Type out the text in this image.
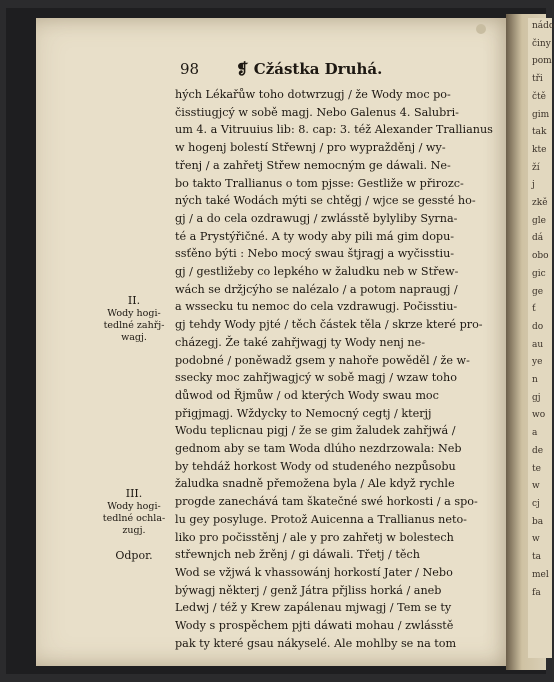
nádo
činy
pom
tři
čtě
gim
tak
kte
ží
j
zkě
gle
dá
obo
gic
ge
ť
do
au
ye
n
gj
wo
a
de
te
w
cj
ba
w
ta
mel
fa
98 ❡ Cžástka Druhá.
hých Lékařůw toho dotwrzugj / že Wody moc po-
čisstiugjcý w sobě magj. Nebo Galenus 4. Salubri-
um 4. a Vitruuius lib: 8. cap: 3. též Alexander Trallianus
w hogenj bolestí Střewnj / pro wypražděnj / wy-
třenj / a zahřetj Střew nemocným ge dáwali. Ne-
bo takto Trallianus o tom pjsse: Gestliže w přirozc-
ných také Wodách mýti se chtěgj / wjce se gessté ho-
gj / a do cela ozdrawugj / zwlásstě bylyliby Syrna-
té a Prystýřičné. A ty wody aby pili má gim dopu-
ssťěno býti : Nebo mocý swau štjragj a wyčisstiu-
gj / gestližeby co lepkého w žaludku neb w Střew-
wách se držjcýho se nalézalo / a potom napraugj /
a wssecku tu nemoc do cela vzdrawugj. Počisstiu-
gj tehdy Wody pjté / těch částek těla / skrze které pro-
cházegj. Že také zahřjwagj ty Wody nenj ne-
podobné / poněwadž gsem y nahoře powěděl / že w-
ssecky moc zahřjwagjcý w sobě magj / wzaw toho
důwod od Řjmůw / od kterých Wody swau moc
přigjmagj. Wždycky to Nemocný cegtj / kterjj
Wodu teplicnau pigj / že se gim žaludek zahřjwá /
gednom aby se tam Woda dlúho nezdrzowala: Neb
by tehdáž horkost Wody od studeného nezpůsobu
žaludka snadně přemožena byla / Ale když rychle
progde zanechává tam škatečné swé horkosti / a spo-
lu gey posyluge. Protož Auicenna a Trallianus neto-
liko pro počisstěnj / ale y pro zahřetj w bolestech
střewnjch neb žrěnj / gi dáwali. Třetj / těch
Wod se vžjwá k vhassowánj horkostí Jater / Nebo
býwagj některj / genž Játra přjliss horká / aneb
Ledwj / též y Krew zapálenau mjwagj / Tem se ty
Wody s prospěchem pjti dáwati mohau / zwlásstě
pak ty které gsau nákyselé. Ale mohlby se na tom
II.
Wody hogi-
tedlné zahřj-
wagj.
III.
Wody hogi-
tedlné ochla-
zugj.
Odpor.
